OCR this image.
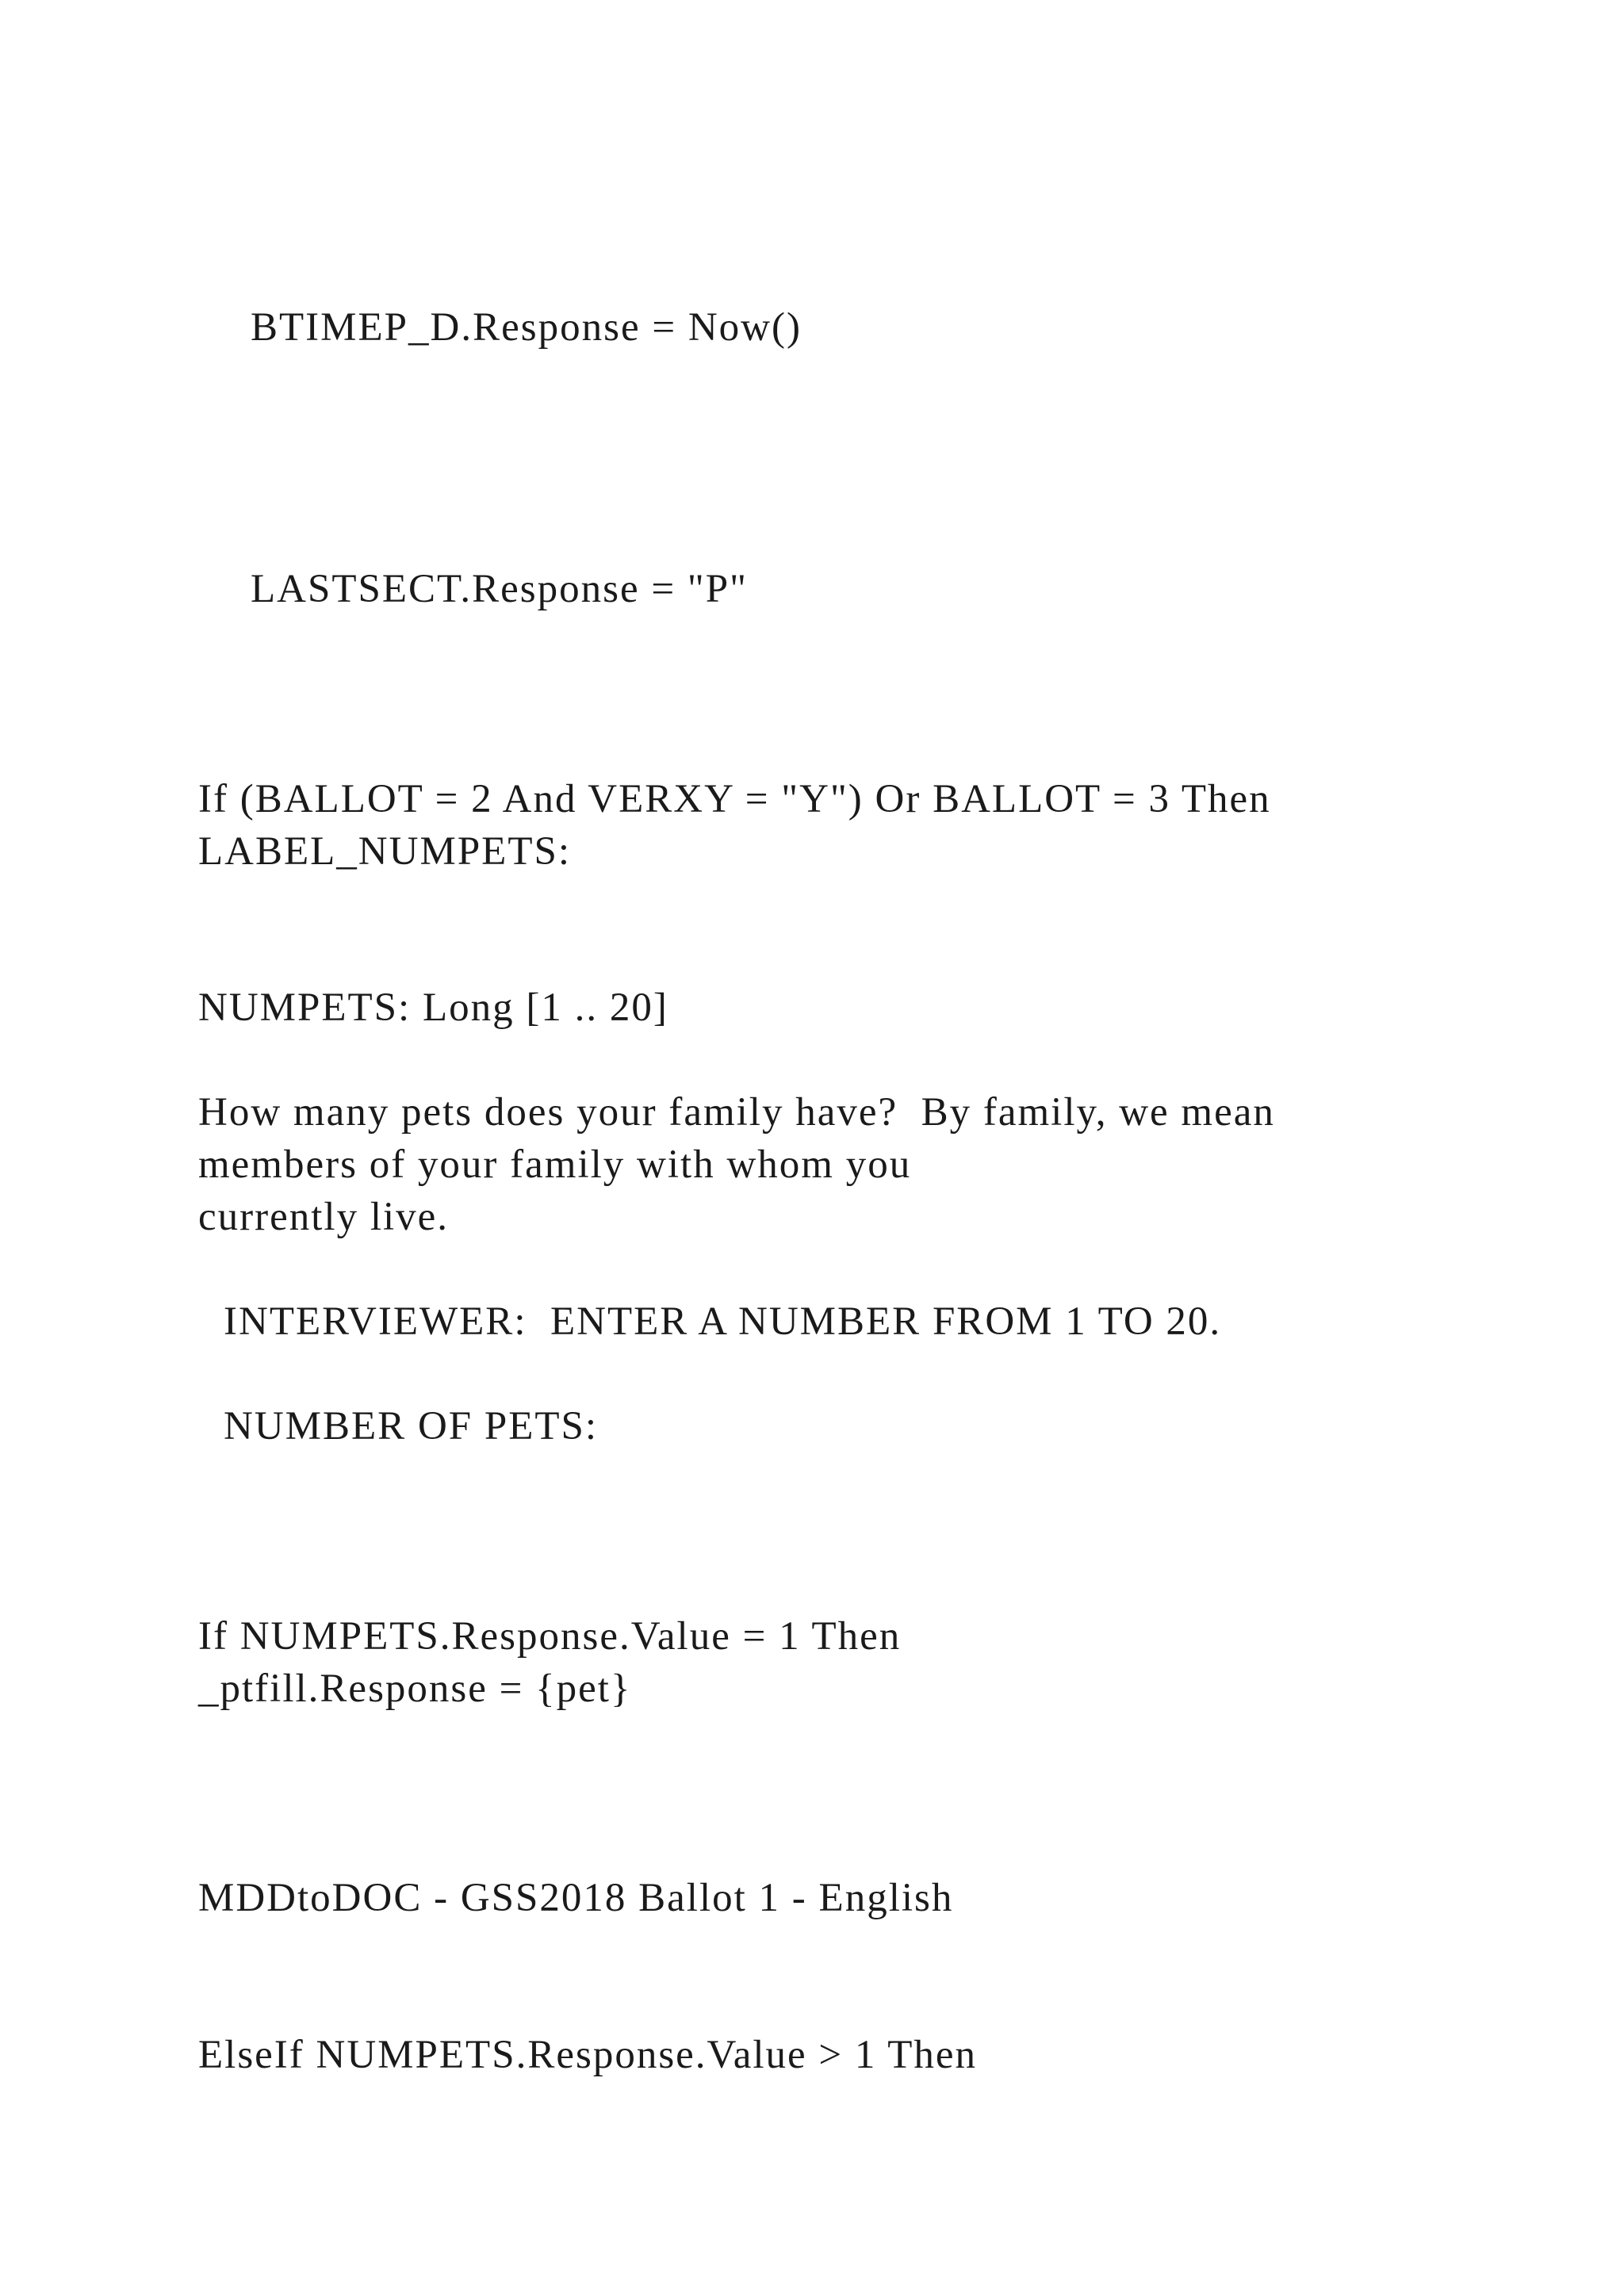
BTIMEP_D.Response = Now()

LASTSECT.Response = "P"

If (BALLOT = 2 And VERXY = "Y") Or BALLOT = 3 Then

LABEL_NUMPETS:

NUMPETS: Long [1 .. 20]

How many pets does your family have?  By family, we mean

members of your family with whom you

currently live.

INTERVIEWER:  ENTER A NUMBER FROM 1 TO 20.

NUMBER OF PETS:

If NUMPETS.Response.Value = 1 Then

_ptfill.Response = {pet}

MDDtoDOC - GSS2018 Ballot 1 - English

ElseIf NUMPETS.Response.Value > 1 Then
